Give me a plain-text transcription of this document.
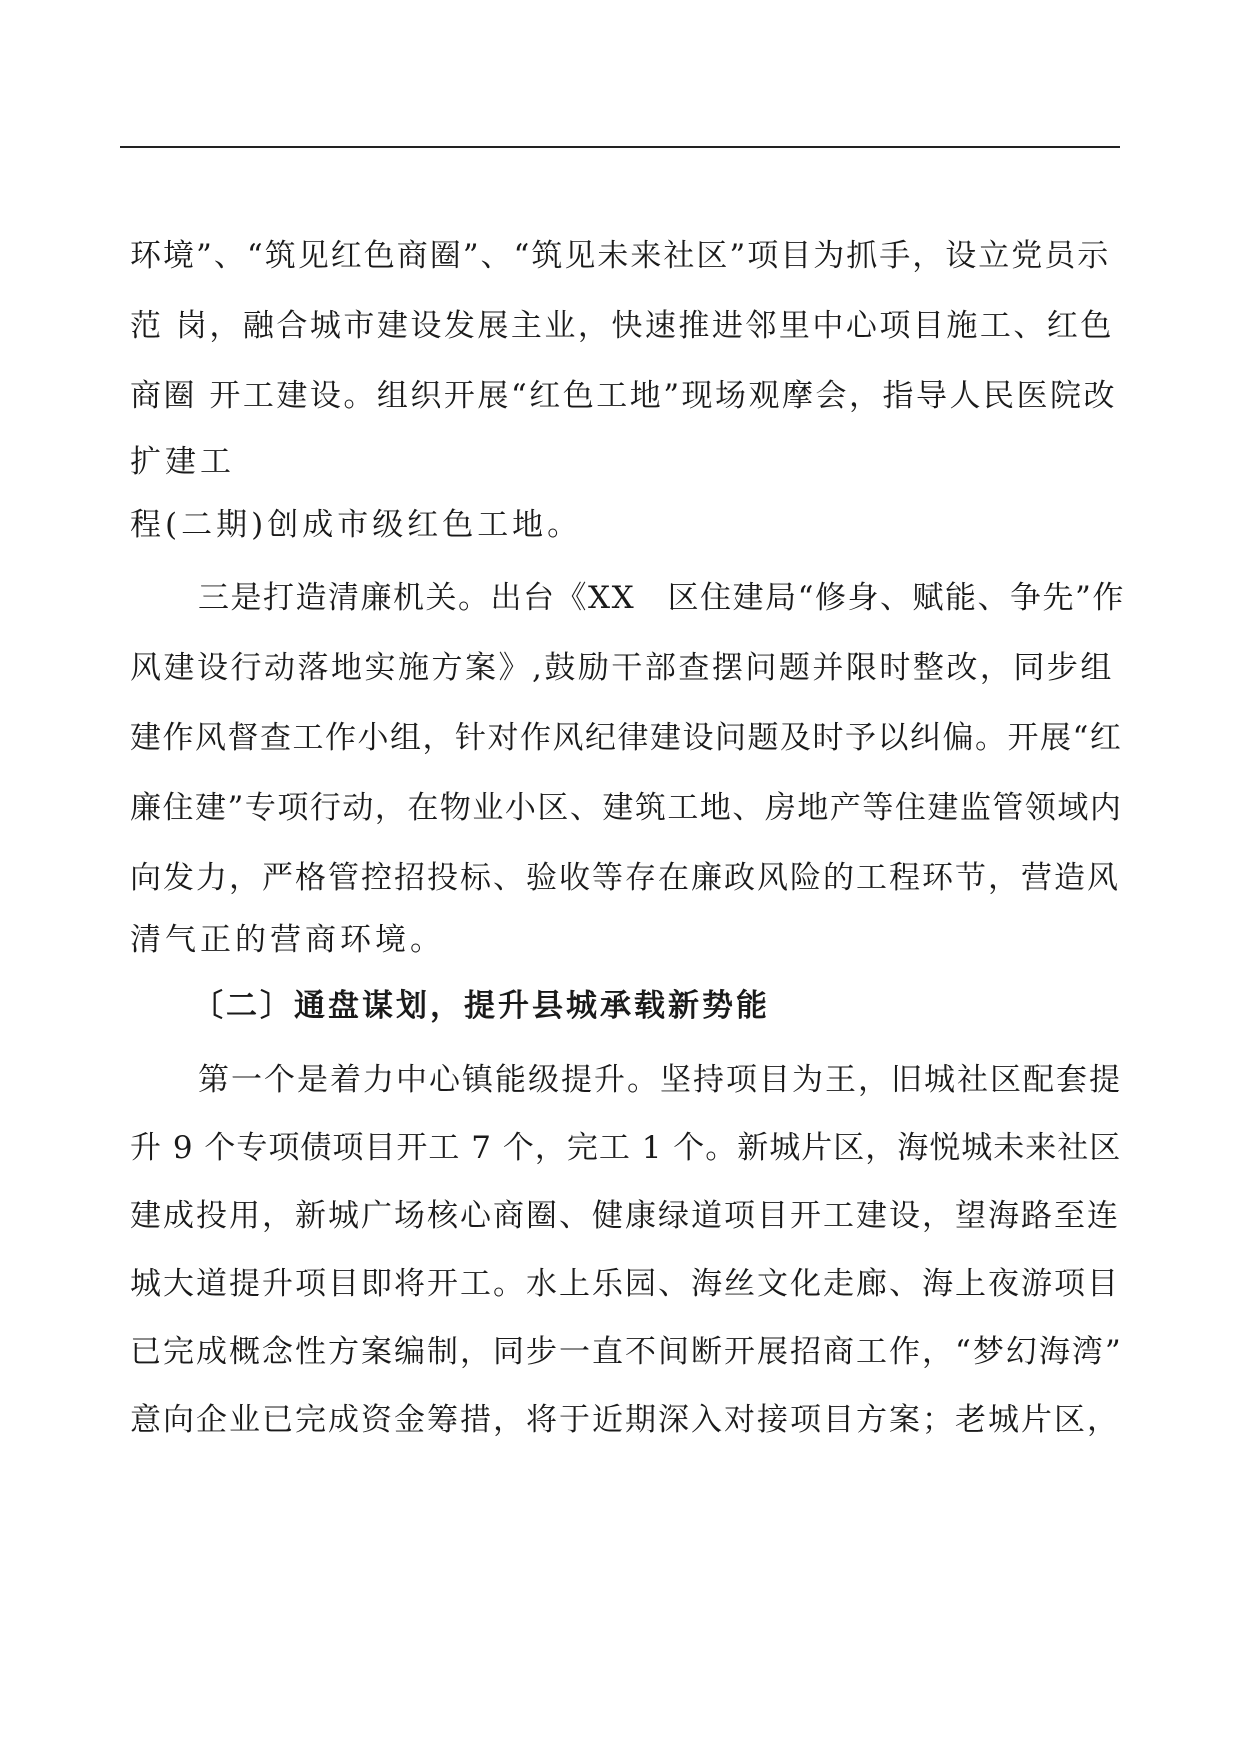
环境”、“筑见红色商圈”、“筑见未来社区”项目为抓手，设立党员示
范 岗，融合城市建设发展主业，快速推进邻里中心项目施工、红色
商圈 开工建设。组织开展“红色工地”现场观摩会，指导人民医院改
扩建工
程(二期)创成市级红色工地。
三是打造清廉机关。出台《XX　区住建局“修身、赋能、争先”作
风建设行动落地实施方案》,鼓励干部查摆问题并限时整改，同步组
建作风督查工作小组，针对作风纪律建设问题及时予以纠偏。开展“红
廉住建”专项行动，在物业小区、建筑工地、房地产等住建监管领域内
向发力，严格管控招投标、验收等存在廉政风险的工程环节，营造风
清气正的营商环境。
〔二〕通盘谋划，提升县城承载新势能
第一个是着力中心镇能级提升。坚持项目为王，旧城社区配套提
升 9 个专项债项目开工 7 个，完工 1 个。新城片区，海悦城未来社区
建成投用，新城广场核心商圈、健康绿道项目开工建设，望海路至连
城大道提升项目即将开工。水上乐园、海丝文化走廊、海上夜游项目
已完成概念性方案编制，同步一直不间断开展招商工作，“梦幻海湾”
意向企业已完成资金筹措，将于近期深入对接项目方案；老城片区，
